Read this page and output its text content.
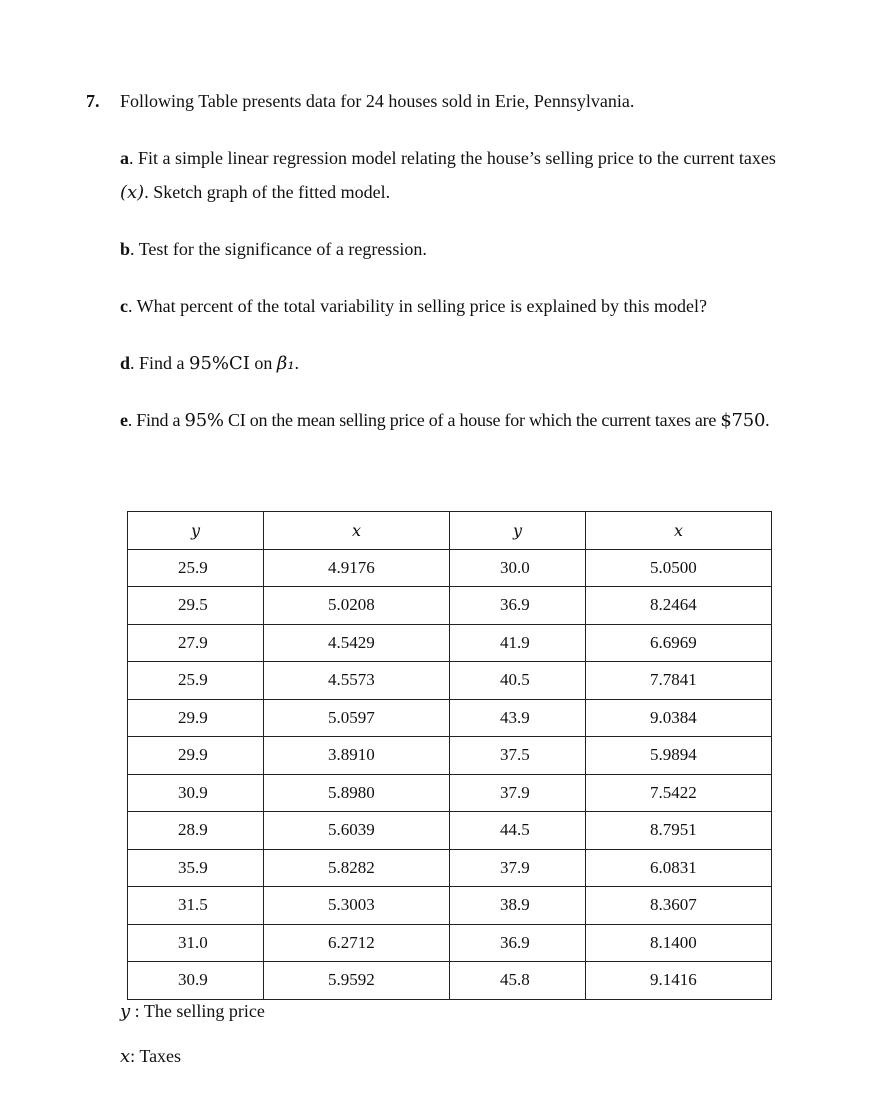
7. Following Table presents data for 24 houses sold in Erie, Pennsylvania.
a. Fit a simple linear regression model relating the house’s selling price to the current taxes
(x). Sketch graph of the fitted model.
b. Test for the significance of a regression.
c. What percent of the total variability in selling price is explained by this model?
d. Find a 95%CI on β₁.
e. Find a 95% CI on the mean selling price of a house for which the current taxes are $750.
y	x	y	x
25.9	4.9176	30.0	5.0500
29.5	5.0208	36.9	8.2464
27.9	4.5429	41.9	6.6969
25.9	4.5573	40.5	7.7841
29.9	5.0597	43.9	9.0384
29.9	3.8910	37.5	5.9894
30.9	5.8980	37.9	7.5422
28.9	5.6039	44.5	8.7951
35.9	5.8282	37.9	6.0831
31.5	5.3003	38.9	8.3607
31.0	6.2712	36.9	8.1400
30.9	5.9592	45.8	9.1416
y : The selling price
x: Taxes
